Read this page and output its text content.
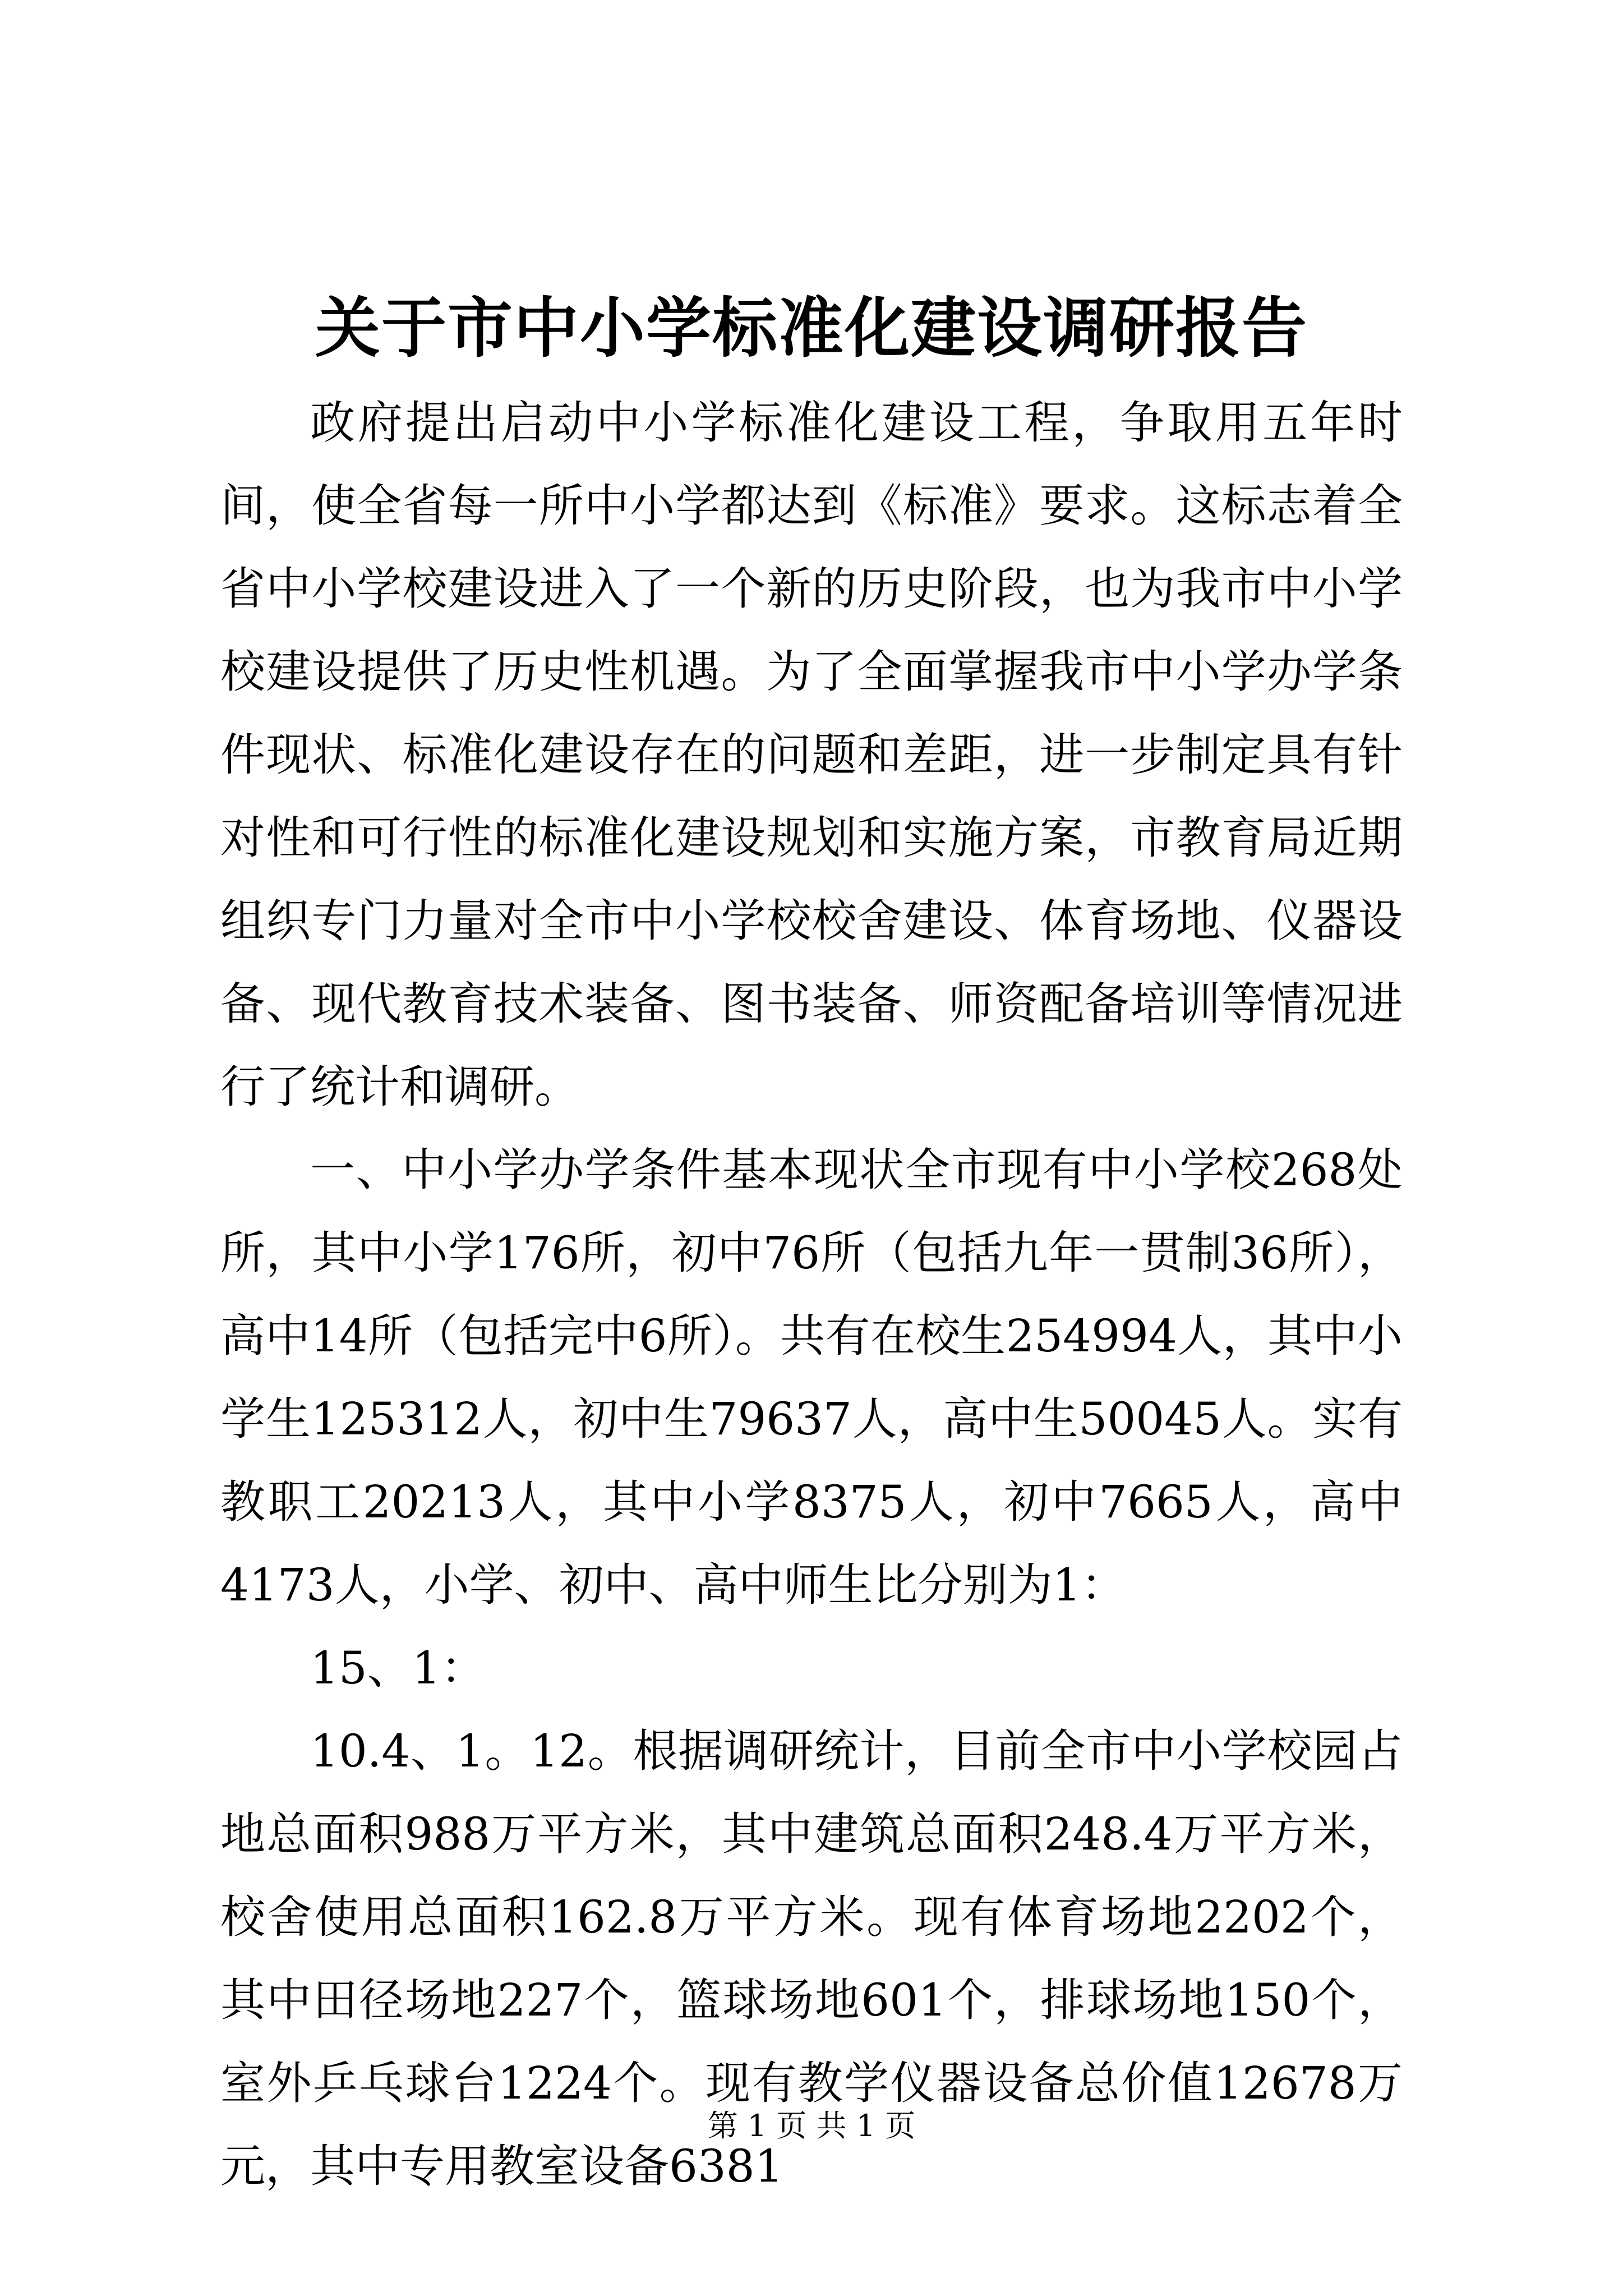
关于市中小学标准化建设调研报告

政府提出启动中小学标准化建设工程，争取用五年时间，使全省每一所中小学都达到《标准》要求。这标志着全省中小学校建设进入了一个新的历史阶段，也为我市中小学校建设提供了历史性机遇。为了全面掌握我市中小学办学条件现状、标准化建设存在的问题和差距，进一步制定具有针对性和可行性的标准化建设规划和实施方案，市教育局近期组织专门力量对全市中小学校校舍建设、体育场地、仪器设备、现代教育技术装备、图书装备、师资配备培训等情况进行了统计和调研。

一、中小学办学条件基本现状全市现有中小学校268处所，其中小学176所，初中76所（包括九年一贯制36所），高中14所（包括完中6所）。共有在校生254994人，其中小学生125312人，初中生79637人，高中生50045人。实有教职工20213人，其中小学8375人，初中7665人，高中4173人，小学、初中、高中师生比分别为1：

15、1：

10.4、1。12。根据调研统计，目前全市中小学校园占地总面积988万平方米，其中建筑总面积248.4万平方米，校舍使用总面积162.8万平方米。现有体育场地2202个，其中田径场地227个，篮球场地601个，排球场地150个，室外乒乓球台1224个。现有教学仪器设备总价值12678万元，其中专用教室设备6381

第 1 页 共 1 页
